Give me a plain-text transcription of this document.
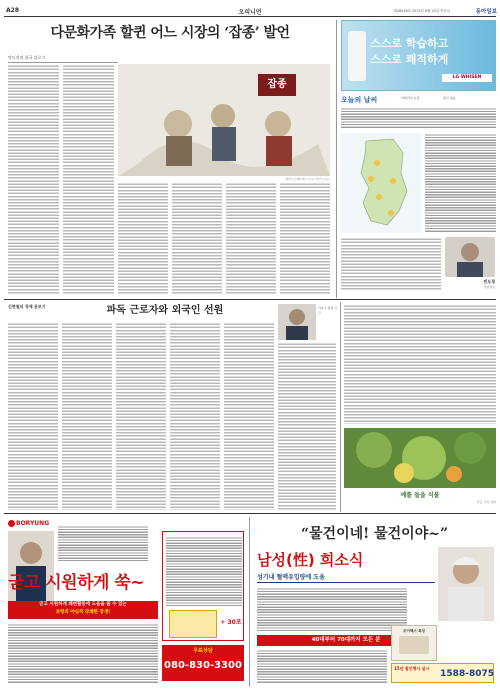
A28	오피니언	제28426호 2015년 6월 25일 목요일	동아일보
다문화가족 할퀸 어느 시장의 ‘잡종’ 발언
맛드깃의 한국 블로그
잡종
일러스트레이션 ○○○ 기자 ○○○
스스로 학습하고
스스로 쾌적하게
LG WHISEN
오늘의 날씨	미세먼지 보통	황사 없음
빈도경
경향일보
김현철의 경제 돋보기	파독 근로자와 외국인 선원	다음주 칼럼 기고
예를 들을 식물
작은 사진 설명
BORYUNG
굳고 시원하게 쑥~
굳고 시원하게 쾌변활동에 도움을 줄 수 있는
보령의 야심작 장쾌한 장생!
+ 30포
무료상담
080-830-3300
“물건이네! 물건이야~”
남성(性) 희소식
성기내 혈액유입량에 도움
40대부터 70대까지 모든 분
조이맥스 특징
15년 할인행사 실시
1588-8075
